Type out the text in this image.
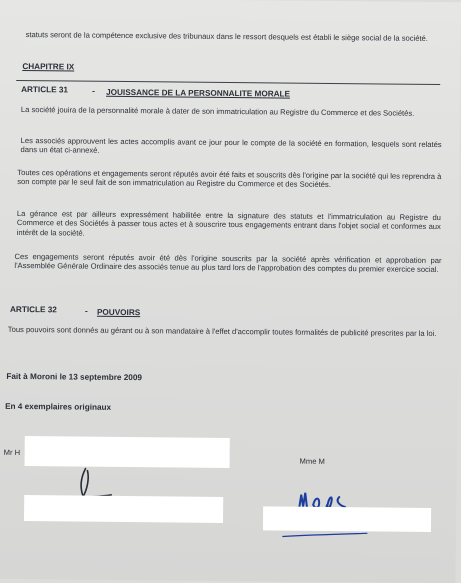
statuts seront de la compétence exclusive des tribunaux dans le ressort desquels est établi le siège social de la société.
CHAPITRE IX
ARTICLE 31	- JOUISSANCE DE LA PERSONNALITE MORALE
La société jouira de la personnalité morale à dater de son immatriculation au Registre du Commerce et des Sociétés.
Les associés approuvent les actes accomplis avant ce jour pour le compte de la société en formation, lesquels sont relatés dans un état ci-annexé.
Toutes ces opérations et engagements seront réputés avoir été faits et souscrits dès l'origine par la société qui les reprendra à son compte par le seul fait de son immatriculation au Registre du Commerce et des Sociétés.
La gérance est par ailleurs expressément habilitée entre la signature des statuts et l'immatriculation au Registre du Commerce et des Sociétés à passer tous actes et à souscrire tous engagements entrant dans l'objet social et conformes aux intérêt de la société.
Ces engagements seront réputés avoir été dès l'origine souscrits par la société après vérification et approbation par l'Assemblée Générale Ordinaire des associés tenue au plus tard lors de l'approbation des comptes du premier exercice social.
ARTICLE 32	- POUVOIRS
Tous pouvoirs sont donnés au gérant ou à son mandataire à l'effet d'accomplir toutes formalités de publicité prescrites par la loi.
Fait à Moroni le 13 septembre 2009
En 4 exemplaires originaux
Mr H
Mme M
